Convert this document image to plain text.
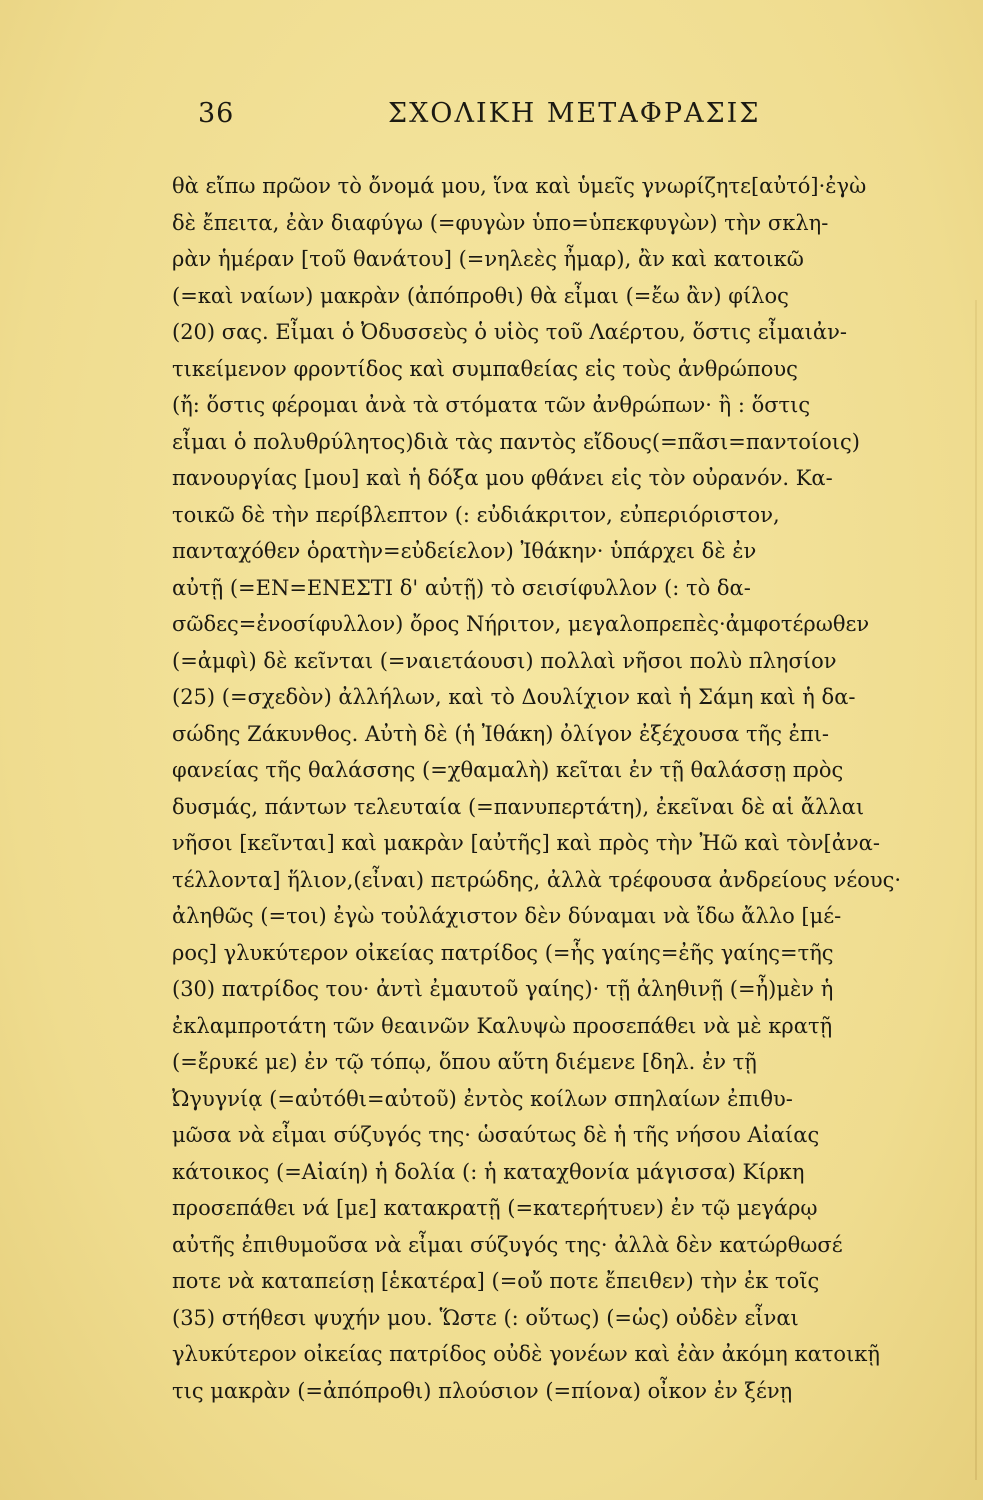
36	ΣΧΟΛΙΚΗ ΜΕΤΑΦΡΑΣΙΣ
θὰ εἴπω πρῶον τὸ ὄνομά μου, ἵνα καὶ ὑμεῖς γνωρίζητε[αὐτό]·ἐγὼ
δὲ ἔπειτα, ἐὰν διαφύγω (=φυγὼν ὑπο=ὑπεκφυγὼν) τὴν σκλη-
ρὰν ἡμέραν [τοῦ θανάτου] (=νηλεὲς ἦμαρ), ἂν καὶ κατοικῶ
(=καὶ ναίων) μακρὰν (ἀπόπροθι) θὰ εἶμαι (=ἔω ἂν) φίλος
(20) σας. Εἶμαι ὁ Ὀδυσσεὺς ὁ υἱὸς τοῦ Λαέρτου, ὅστις εἶμαιἀν-
τικείμενον φροντίδος καὶ συμπαθείας εἰς τοὺς ἀνθρώπους
(ἤ: ὅστις φέρομαι ἀνὰ τὰ στόματα τῶν ἀνθρώπων· ἢ : ὅστις
εἶμαι ὁ πολυθρύλητος)διὰ τὰς παντὸς εἴδους(=πᾶσι=παντοίοις)
πανουργίας [μου] καὶ ἡ δόξα μου φθάνει εἰς τὸν οὐρανόν. Κα-
τοικῶ δὲ τὴν περίβλεπτον (: εὐδιάκριτον, εὐπεριόριστον,
πανταχόθεν ὁρατὴν=εὐδείελον) Ἰθάκην· ὑπάρχει δὲ ἐν
αὐτῇ (=ΕΝ=ΕΝΕΣΤΙ δ' αὐτῇ) τὸ σεισίφυλλον (: τὸ δα-
σῶδες=ἐνοσίφυλλον) ὄρος Νήριτον, μεγαλοπρεπὲς·ἀμφοτέρωθεν
(=ἀμφὶ) δὲ κεῖνται (=ναιετάουσι) πολλαὶ νῆσοι πολὺ πλησίον
(25) (=σχεδὸν) ἀλλήλων, καὶ τὸ Δουλίχιον καὶ ἡ Σάμη καὶ ἡ δα-
σώδης Ζάκυνθος. Αὐτὴ δὲ (ἡ Ἰθάκη) ὀλίγον ἐξέχουσα τῆς ἐπι-
φανείας τῆς θαλάσσης (=χθαμαλὴ) κεῖται ἐν τῇ θαλάσσῃ πρὸς
δυσμάς, πάντων τελευταία (=πανυπερτάτη), ἐκεῖναι δὲ αἱ ἄλλαι
νῆσοι [κεῖνται] καὶ μακρὰν [αὐτῆς] καὶ πρὸς τὴν Ἠῶ καὶ τὸν[ἀνα-
τέλλοντα] ἥλιον,(εἶναι) πετρώδης, ἀλλὰ τρέφουσα ἀνδρείους νέους·
ἀληθῶς (=τοι) ἐγὼ τοὐλάχιστον δὲν δύναμαι νὰ ἴδω ἄλλο [μέ-
ρος] γλυκύτερον οἰκείας πατρίδος (=ἧς γαίης=ἐῆς γαίης=τῆς
(30) πατρίδος του· ἀντὶ ἐμαυτοῦ γαίης)· τῇ ἀληθινῇ (=ἦ)μὲν ἡ
ἐκλαμπροτάτη τῶν θεαινῶν Καλυψὼ προσεπάθει νὰ μὲ κρατῇ
(=ἔρυκέ με) ἐν τῷ τόπῳ, ὅπου αὕτη διέμενε [δηλ. ἐν τῇ
Ὠγυγνίᾳ (=αὐτόθι=αὐτοῦ) ἐντὸς κοίλων σπηλαίων ἐπιθυ-
μῶσα νὰ εἶμαι σύζυγός της· ὡσαύτως δὲ ἡ τῆς νήσου Αἰαίας
κάτοικος (=Αἰαίη) ἡ δολία (: ἡ καταχθονία μάγισσα) Κίρκη
προσεπάθει νά [με] κατακρατῇ (=κατερήτυεν) ἐν τῷ μεγάρῳ
αὐτῆς ἐπιθυμοῦσα νὰ εἶμαι σύζυγός της· ἀλλὰ δὲν κατώρθωσέ
ποτε νὰ καταπείσῃ [ἑκατέρα] (=οὔ ποτε ἔπειθεν) τὴν ἐκ τοῖς
(35) στήθεσι ψυχήν μου. Ὥστε (: οὕτως) (=ὡς) οὐδὲν εἶναι
γλυκύτερον οἰκείας πατρίδος οὐδὲ γονέων καὶ ἐὰν ἀκόμη κατοικῇ
τις μακρὰν (=ἀπόπροθι) πλούσιον (=πίονα) οἶκον ἐν ξένῃ
